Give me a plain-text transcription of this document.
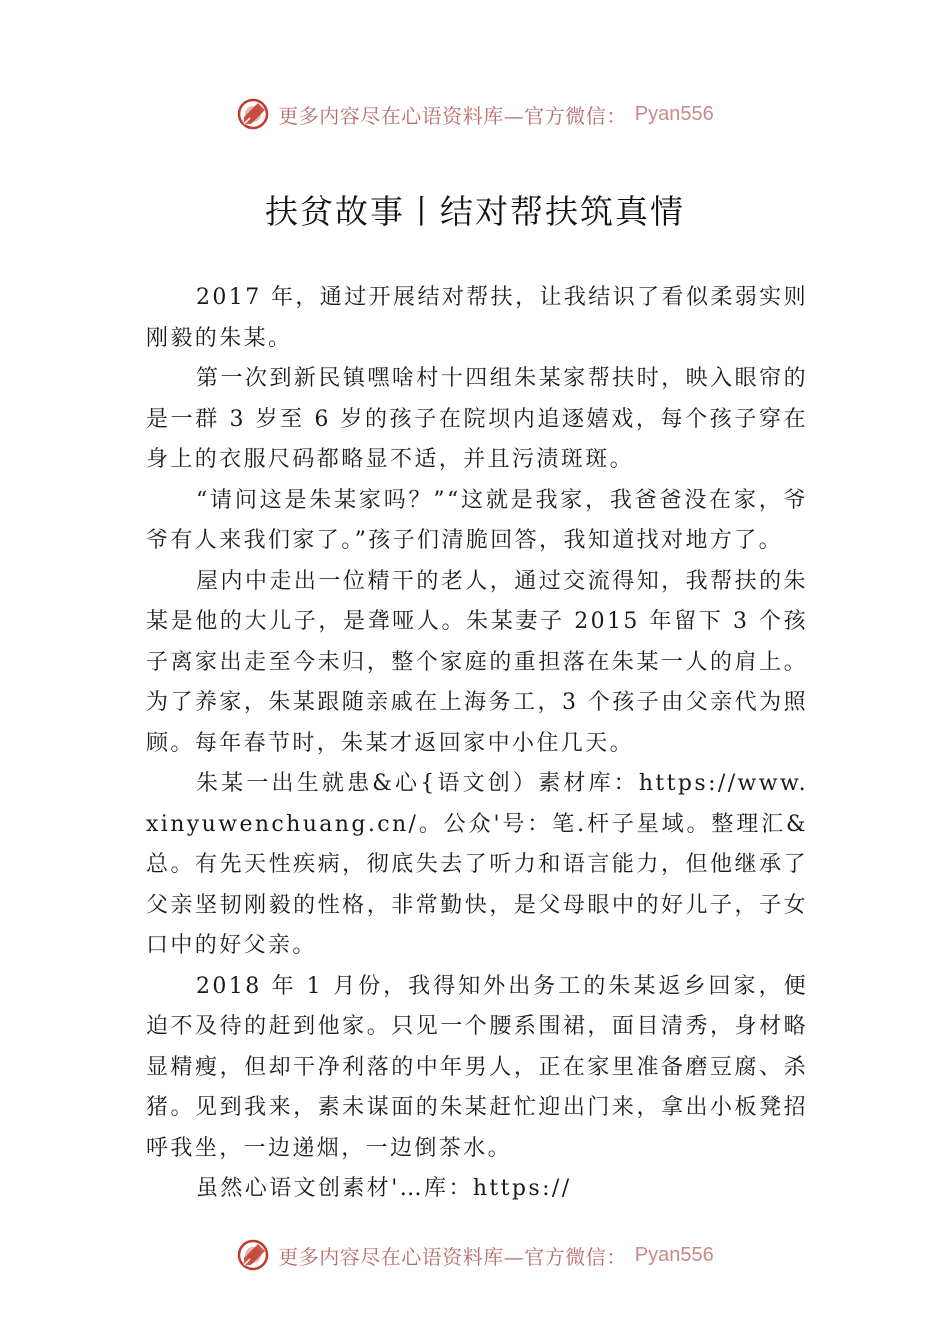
更多内容尽在心语资料库—官方微信： Pyan556
扶贫故事丨结对帮扶筑真情

2017 年，通过开展结对帮扶，让我结识了看似柔弱实则刚毅的朱某。

第一次到新民镇嘿啥村十四组朱某家帮扶时，映入眼帘的是一群 3 岁至 6 岁的孩子在院坝内追逐嬉戏，每个孩子穿在身上的衣服尺码都略显不适，并且污渍斑斑。

“请问这是朱某家吗？”“这就是我家，我爸爸没在家，爷爷有人来我们家了。”孩子们清脆回答，我知道找对地方了。

屋内中走出一位精干的老人，通过交流得知，我帮扶的朱某是他的大儿子，是聋哑人。朱某妻子 2015 年留下 3 个孩子离家出走至今未归，整个家庭的重担落在朱某一人的肩上。为了养家，朱某跟随亲戚在上海务工，3 个孩子由父亲代为照顾。每年春节时，朱某才返回家中小住几天。

朱某一出生就患&心{语文创）素材库：https://www.xinyuwenchuang.cn/。公众'号：笔.杆子星域。整理汇&总。有先天性疾病，彻底失去了听力和语言能力，但他继承了父亲坚韧刚毅的性格，非常勤快，是父母眼中的好儿子，子女口中的好父亲。

2018 年 1 月份，我得知外出务工的朱某返乡回家，便迫不及待的赶到他家。只见一个腰系围裙，面目清秀，身材略显精瘦，但却干净利落的中年男人，正在家里准备磨豆腐、杀猪。见到我来，素未谋面的朱某赶忙迎出门来，拿出小板凳招呼我坐，一边递烟，一边倒茶水。

虽然心语文创素材'…库：https://

更多内容尽在心语资料库—官方微信： Pyan556
